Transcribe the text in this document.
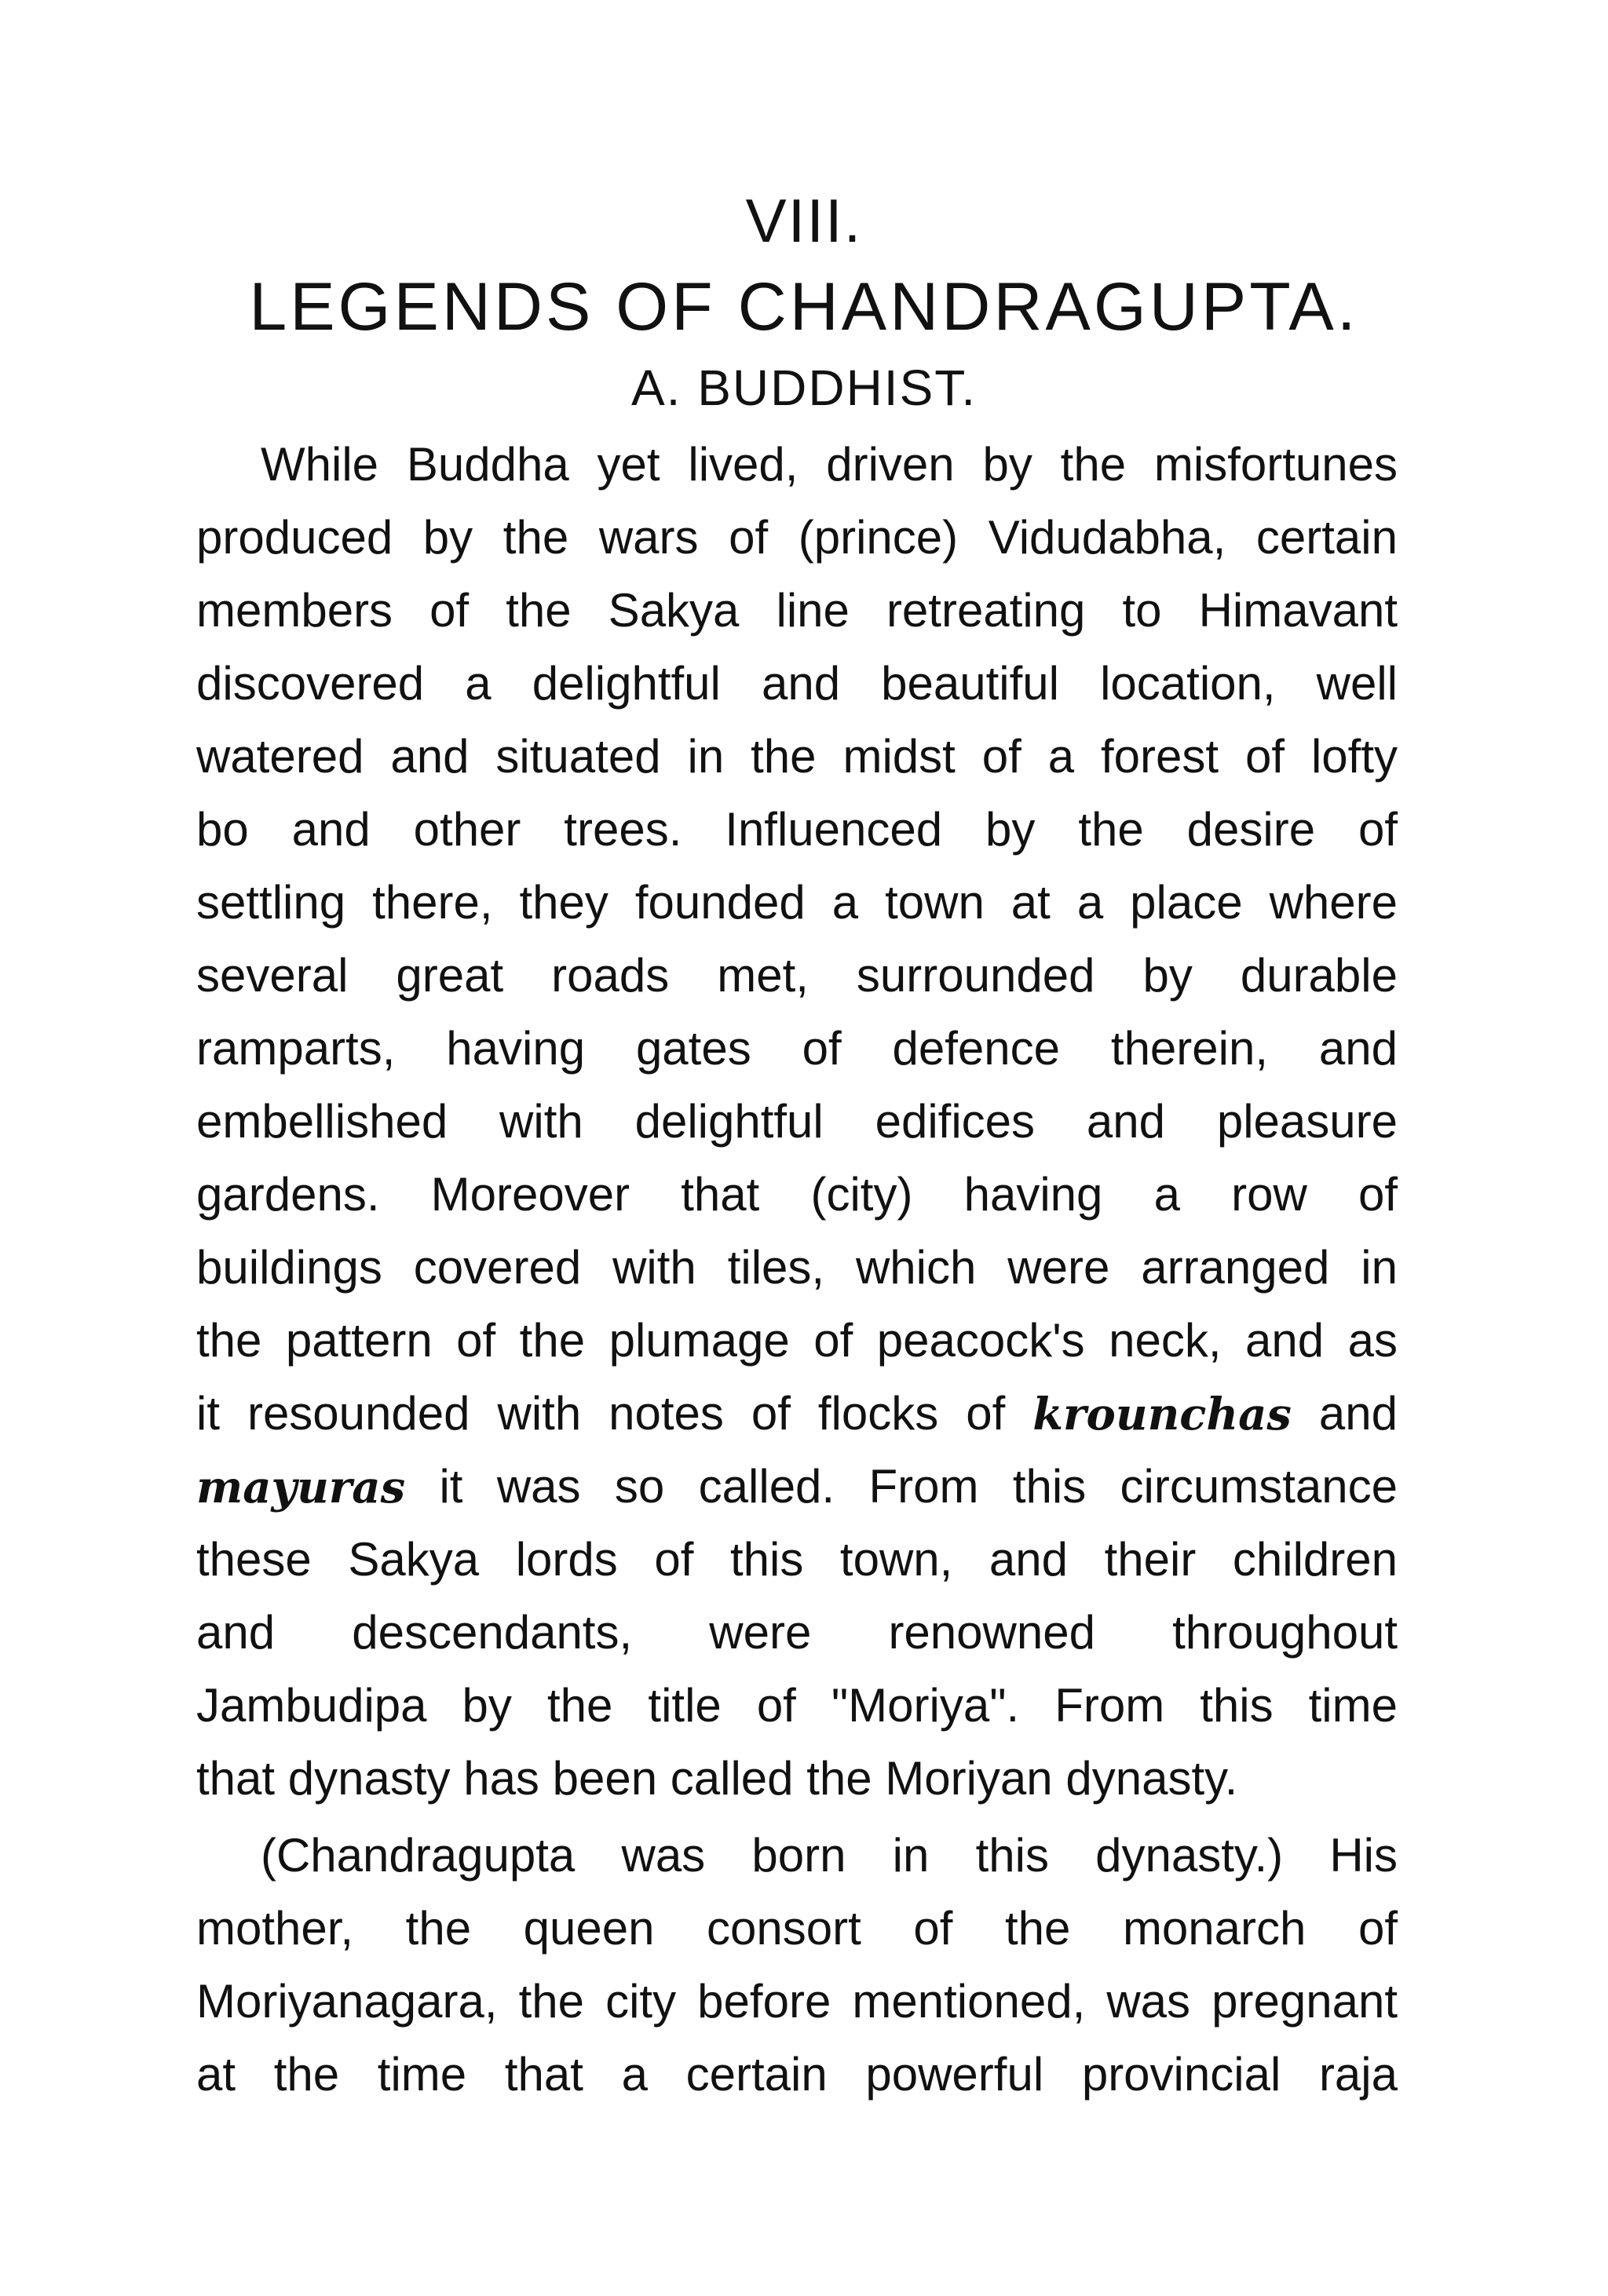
VIII.
LEGENDS OF CHANDRAGUPTA.
A. BUDDHIST.
While Buddha yet lived, driven by the misfortunes
produced by the wars of (prince) Vidudabha, certain
members of the Sakya line retreating to Himavant
discovered a delightful and beautiful location, well
watered and situated in the midst of a forest of lofty
bo and other trees. Influenced by the desire of
settling there, they founded a town at a place where
several great roads met, surrounded by durable
ramparts, having gates of defence therein, and
embellished with delightful edifices and pleasure
gardens. Moreover that (city) having a row of
buildings covered with tiles, which were arranged in
the pattern of the plumage of peacock's neck, and as
it resounded with notes of flocks of krounchas and
mayuras it was so called. From this circumstance
these Sakya lords of this town, and their children
and descendants, were renowned throughout
Jambudipa by the title of "Moriya". From this time
that dynasty has been called the Moriyan dynasty.
(Chandragupta was born in this dynasty.) His
mother, the queen consort of the monarch of
Moriyanagara, the city before mentioned, was pregnant
at the time that a certain powerful provincial raja
